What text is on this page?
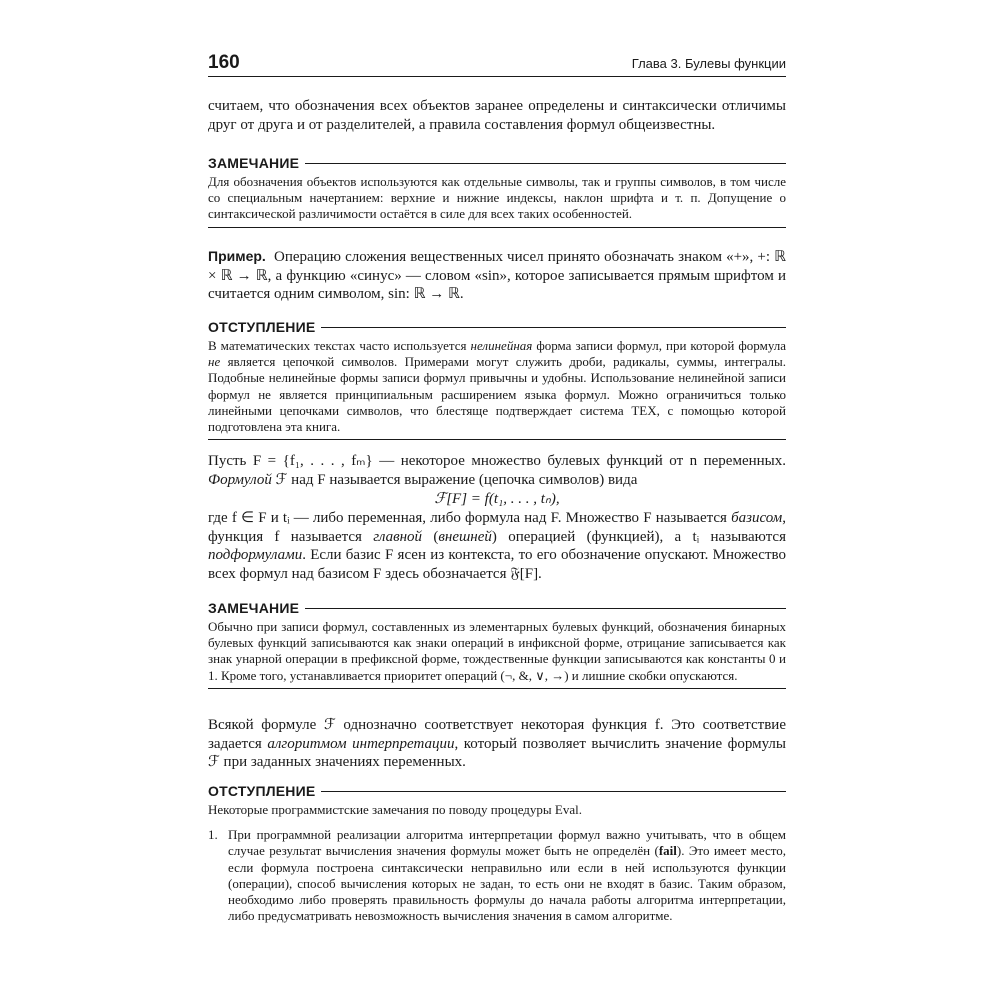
160	Глава 3. Булевы функции

считаем, что обозначения всех объектов заранее определены и синтаксически отличимы друг от друга и от разделителей, а правила составления формул общеизвестны.

ЗАМЕЧАНИЕ

Для обозначения объектов используются как отдельные символы, так и группы символов, в том числе со специальным начертанием: верхние и нижние индексы, наклон шрифта и т. п. Допущение о синтаксической различимости остаётся в силе для всех таких особенностей.

Пример. Операцию сложения вещественных чисел принято обозначать знаком «+», +: ℝ × ℝ → ℝ, а функцию «синус» — словом «sin», которое записывается прямым шрифтом и считается одним символом, sin: ℝ → ℝ.

ОТСТУПЛЕНИЕ

В математических текстах часто используется нелинейная форма записи формул, при которой формула не является цепочкой символов. Примерами могут служить дроби, радикалы, суммы, интегралы. Подобные нелинейные формы записи формул привычны и удобны. Использование нелинейной записи формул не является принципиальным расширением языка формул. Можно ограничиться только линейными цепочками символов, что блестяще подтверждает система TEX, с помощью которой подготовлена эта книга.

Пусть F = {f₁, . . . , fₘ} — некоторое множество булевых функций от n переменных. Формулой ℱ над F называется выражение (цепочка символов) вида

ℱ[F] = f(t₁, . . . , tₙ),

где f ∈ F и tᵢ — либо переменная, либо формула над F. Множество F называется базисом, функция f называется главной (внешней) операцией (функцией), а tᵢ называются подформулами. Если базис F ясен из контекста, то его обозначение опускают. Множество всех формул над базисом F здесь обозначается 𝔉[F].

ЗАМЕЧАНИЕ

Обычно при записи формул, составленных из элементарных булевых функций, обозначения бинарных булевых функций записываются как знаки операций в инфиксной форме, отрицание записывается как знак унарной операции в префиксной форме, тождественные функции записываются как константы 0 и 1. Кроме того, устанавливается приоритет операций (¬, &, ∨, →) и лишние скобки опускаются.

Всякой формуле ℱ однозначно соответствует некоторая функция f. Это соответствие задается алгоритмом интерпретации, который позволяет вычислить значение формулы ℱ при заданных значениях переменных.

ОТСТУПЛЕНИЕ

Некоторые программистские замечания по поводу процедуры Eval.

1. При программной реализации алгоритма интерпретации формул важно учитывать, что в общем случае результат вычисления значения формулы может быть не определён (fail). Это имеет место, если формула построена синтаксически неправильно или если в ней используются функции (операции), способ вычисления которых не задан, то есть они не входят в базис. Таким образом, необходимо либо проверять правильность формулы до начала работы алгоритма интерпретации, либо предусматривать невозможность вычисления значения в самом алгоритме.
